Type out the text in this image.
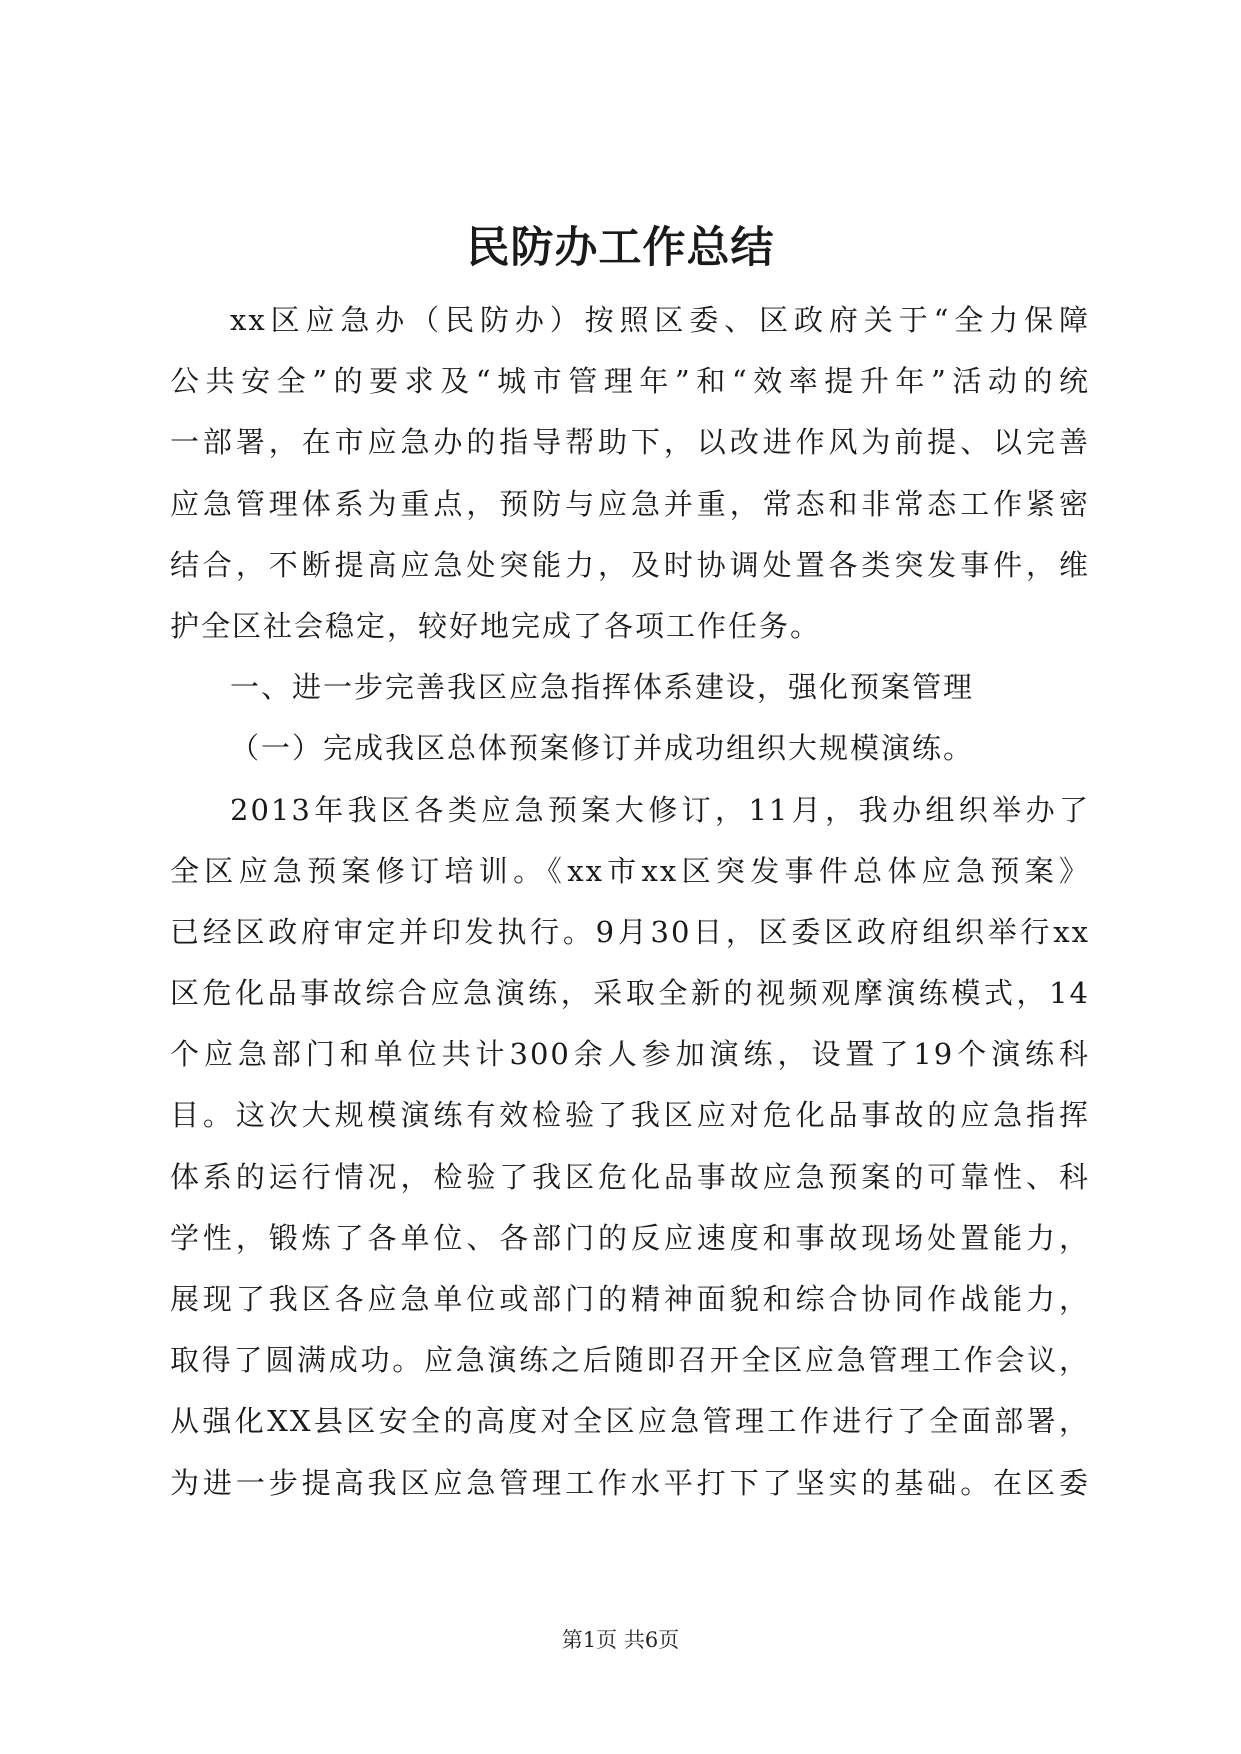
民防办工作总结
xx区应急办（民防办）按照区委、区政府关于“全力保障
公共安全”的要求及“城市管理年”和“效率提升年”活动的统
一部署，在市应急办的指导帮助下，以改进作风为前提、以完善
应急管理体系为重点，预防与应急并重，常态和非常态工作紧密
结合，不断提高应急处突能力，及时协调处置各类突发事件，维
护全区社会稳定，较好地完成了各项工作任务。
一、进一步完善我区应急指挥体系建设，强化预案管理
（一）完成我区总体预案修订并成功组织大规模演练。
2013年我区各类应急预案大修订，11月，我办组织举办了
全区应急预案修订培训。《xx市xx区突发事件总体应急预案》
已经区政府审定并印发执行。9月30日，区委区政府组织举行xx
区危化品事故综合应急演练，采取全新的视频观摩演练模式，14
个应急部门和单位共计300余人参加演练，设置了19个演练科
目。这次大规模演练有效检验了我区应对危化品事故的应急指挥
体系的运行情况，检验了我区危化品事故应急预案的可靠性、科
学性，锻炼了各单位、各部门的反应速度和事故现场处置能力，
展现了我区各应急单位或部门的精神面貌和综合协同作战能力，
取得了圆满成功。应急演练之后随即召开全区应急管理工作会议，
从强化XX县区安全的高度对全区应急管理工作进行了全面部署，
为进一步提高我区应急管理工作水平打下了坚实的基础。在区委
第1页 共6页
